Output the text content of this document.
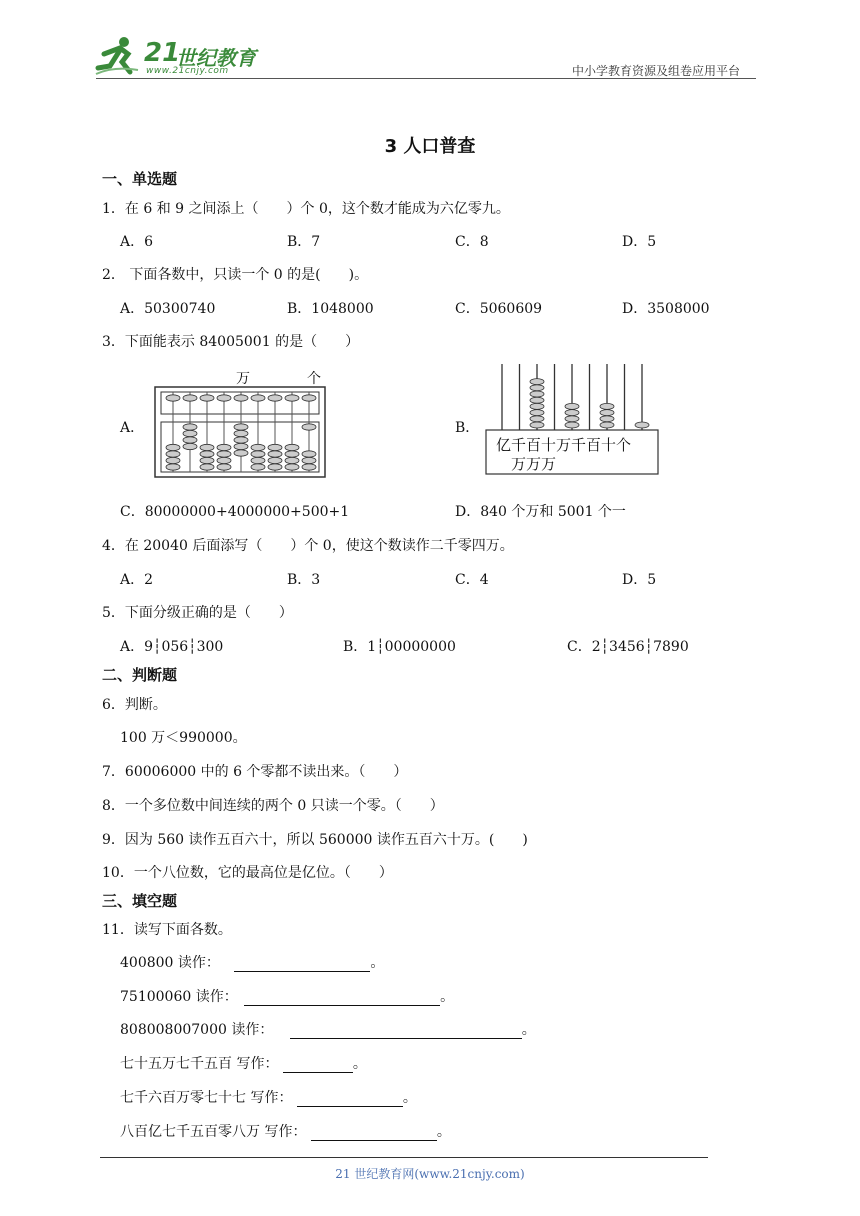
21
世纪教育
www.21cnjy.com	中小学教育资源及组卷应用平台
3 人口普查
一、单选题
1．在 6 和 9 之间添上（　　）个 0，这个数才能成为六亿零九。
A．6	B．7	C．8	D．5
2． 下面各数中，只读一个 0 的是(　　)。
A．50300740	B．1048000	C．5060609	D．3508000
3．下面能表示 84005001 的是（　　）
A．
万	个
B．
亿千百十万千百十个
万万万
C．80000000+4000000+500+1	D．840 个万和 5001 个一
4．在 20040 后面添写（　　）个 0，使这个数读作二千零四万。
A．2	B．3	C．4	D．5
5．下面分级正确的是（　　）
A．9┆056┆300	B．1┆00000000	C．2┆3456┆7890
二、判断题
6．判断。
100 万＜990000。
7．60006000 中的 6 个零都不读出来。（　　）
8．一个多位数中间连续的两个 0 只读一个零。（　　）
9．因为 560 读作五百六十，所以 560000 读作五百六十万。(　　)
10．一个八位数，它的最高位是亿位。（　　）
三、填空题
11．读写下面各数。
400800 读作：	。
75100060 读作：	。
808008007000 读作：	。
七十五万七千五百 写作：	。
七千六百万零七十七 写作：	。
八百亿七千五百零八万 写作：	。
21 世纪教育网(www.21cnjy.com)
